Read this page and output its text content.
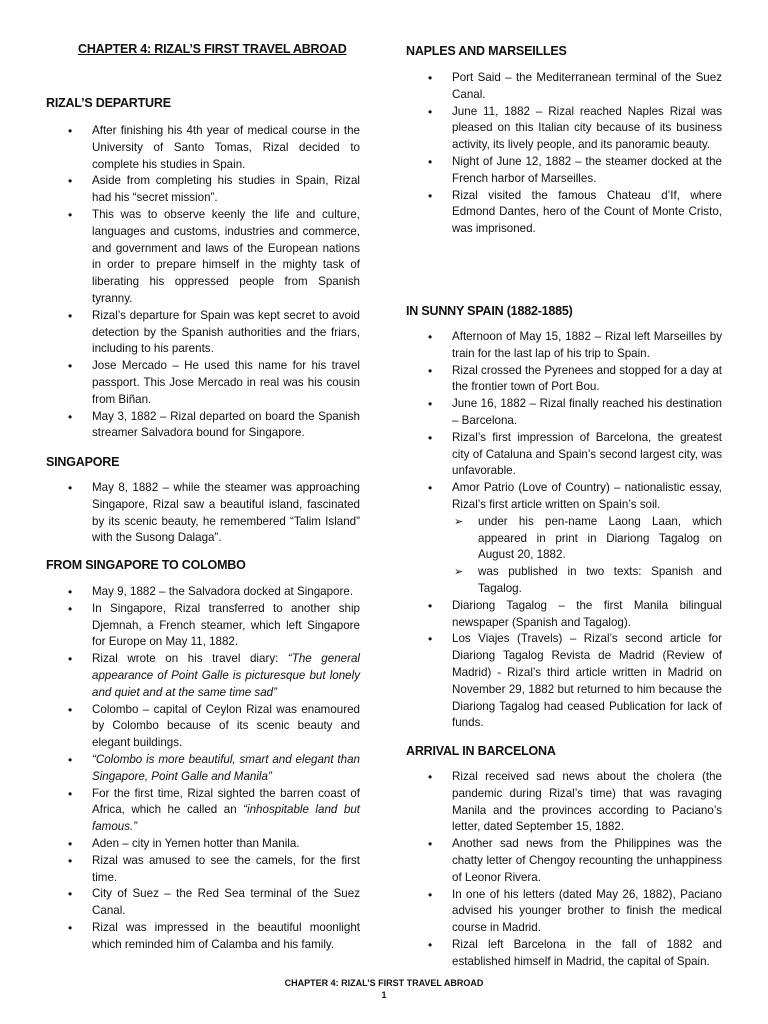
CHAPTER 4: RIZAL’S FIRST TRAVEL ABROAD
RIZAL’S DEPARTURE
• After finishing his 4th year of medical course in the University of Santo Tomas, Rizal decided to complete his studies in Spain.
• Aside from completing his studies in Spain, Rizal had his “secret mission”.
• This was to observe keenly the life and culture, languages and customs, industries and commerce, and government and laws of the European nations in order to prepare himself in the mighty task of liberating his oppressed people from Spanish tyranny.
• Rizal’s departure for Spain was kept secret to avoid detection by the Spanish authorities and the friars, including to his parents.
• Jose Mercado – He used this name for his travel passport. This Jose Mercado in real was his cousin from Biñan.
• May 3, 1882 – Rizal departed on board the Spanish streamer Salvadora bound for Singapore.
SINGAPORE
• May 8, 1882 – while the steamer was approaching Singapore, Rizal saw a beautiful island, fascinated by its scenic beauty, he remembered “Talim Island” with the Susong Dalaga”.
FROM SINGAPORE TO COLOMBO
• May 9, 1882 – the Salvadora docked at Singapore.
• In Singapore, Rizal transferred to another ship Djemnah, a French steamer, which left Singapore for Europe on May 11, 1882.
• Rizal wrote on his travel diary: “The general appearance of Point Galle is picturesque but lonely and quiet and at the same time sad”
• Colombo – capital of Ceylon Rizal was enamoured by Colombo because of its scenic beauty and elegant buildings.
• “Colombo is more beautiful, smart and elegant than Singapore, Point Galle and Manila”
• For the first time, Rizal sighted the barren coast of Africa, which he called an “inhospitable land but famous.”
• Aden – city in Yemen hotter than Manila.
• Rizal was amused to see the camels, for the first time.
• City of Suez – the Red Sea terminal of the Suez Canal.
• Rizal was impressed in the beautiful moonlight which reminded him of Calamba and his family.
NAPLES AND MARSEILLES
• Port Said – the Mediterranean terminal of the Suez Canal.
• June 11, 1882 – Rizal reached Naples Rizal was pleased on this Italian city because of its business activity, its lively people, and its panoramic beauty.
• Night of June 12, 1882 – the steamer docked at the French harbor of Marseilles.
• Rizal visited the famous Chateau d’If, where Edmond Dantes, hero of the Count of Monte Cristo, was imprisoned.
IN SUNNY SPAIN (1882-1885)
• Afternoon of May 15, 1882 – Rizal left Marseilles by train for the last lap of his trip to Spain.
• Rizal crossed the Pyrenees and stopped for a day at the frontier town of Port Bou.
• June 16, 1882 – Rizal finally reached his destination – Barcelona.
• Rizal’s first impression of Barcelona, the greatest city of Cataluna and Spain’s second largest city, was unfavorable.
• Amor Patrio (Love of Country) – nationalistic essay, Rizal’s first article written on Spain’s soil.
➢ under his pen-name Laong Laan, which appeared in print in Diariong Tagalog on August 20, 1882.
➢ was published in two texts: Spanish and Tagalog.
• Diariong Tagalog – the first Manila bilingual newspaper (Spanish and Tagalog).
• Los Viajes (Travels) – Rizal’s second article for Diariong Tagalog Revista de Madrid (Review of Madrid) - Rizal’s third article written in Madrid on November 29, 1882 but returned to him because the Diariong Tagalog had ceased Publication for lack of funds.
ARRIVAL IN BARCELONA
• Rizal received sad news about the cholera (the pandemic during Rizal’s time) that was ravaging Manila and the provinces according to Paciano’s letter, dated September 15, 1882.
• Another sad news from the Philippines was the chatty letter of Chengoy recounting the unhappiness of Leonor Rivera.
• In one of his letters (dated May 26, 1882), Paciano advised his younger brother to finish the medical course in Madrid.
• Rizal left Barcelona in the fall of 1882 and established himself in Madrid, the capital of Spain.
CHAPTER 4: RIZAL’S FIRST TRAVEL ABROAD
1
